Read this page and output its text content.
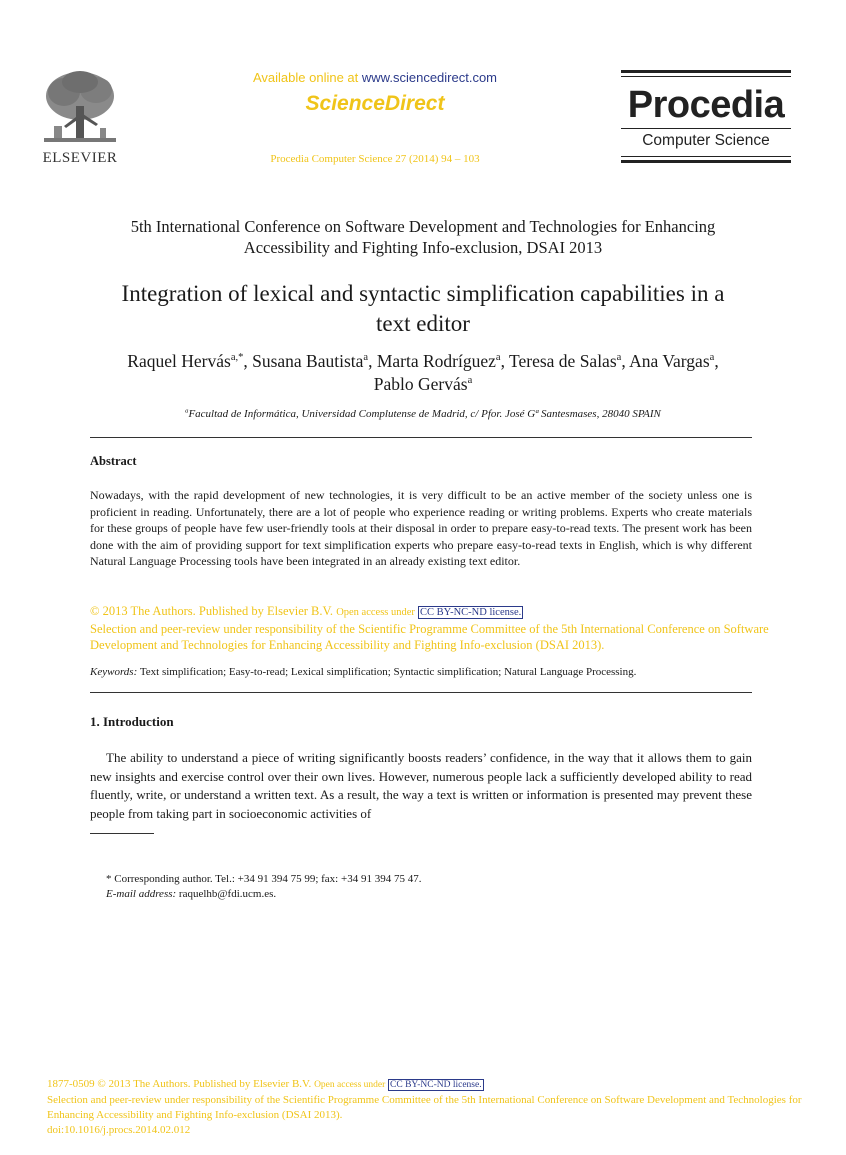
ELSEVIER
Available online at www.sciencedirect.com
ScienceDirect
Procedia Computer Science 27 (2014) 94 – 103
Procedia
Computer Science
5th International Conference on Software Development and Technologies for Enhancing
Accessibility and Fighting Info-exclusion, DSAI 2013
Integration of lexical and syntactic simplification capabilities in a
text editor
Raquel Hervás$^{a,*}$, Susana Bautista$^a$, Marta Rodríguez$^a$, Teresa de Salas$^a$, Ana Vargas$^a$,
Pablo Gervás$^a$
$^a$Facultad de Informática, Universidad Complutense de Madrid, c/ Pfor. José Gª Santesmases, 28040 SPAIN
Abstract
Nowadays, with the rapid development of new technologies, it is very difficult to be an active member of the society unless one is proficient in reading. Unfortunately, there are a lot of people who experience reading or writing problems. Experts who create materials for these groups of people have few user-friendly tools at their disposal in order to prepare easy-to-read texts. The present work has been done with the aim of providing support for text simplification experts who prepare easy-to-read texts in English, which is why different Natural Language Processing tools have been integrated in an already existing text editor.
© 2013 The Authors. Published by Elsevier B.V. Open access under CC BY-NC-ND license.
Selection and peer-review under responsibility of the Scientific Programme Committee of the 5th International Conference on Software Development and Technologies for Enhancing Accessibility and Fighting Info-exclusion (DSAI 2013).
Keywords: Text simplification; Easy-to-read; Lexical simplification; Syntactic simplification; Natural Language Processing.
1. Introduction
The ability to understand a piece of writing significantly boosts readers’ confidence, in the way that it allows them to gain new insights and exercise control over their own lives. However, numerous people lack a sufficiently developed ability to read fluently, write, or understand a written text. As a result, the way a text is written or information is presented may prevent these people from taking part in socioeconomic activities of
* Corresponding author. Tel.: +34 91 394 75 99; fax: +34 91 394 75 47.
E-mail address: raquelhb@fdi.ucm.es.
1877-0509 © 2013 The Authors. Published by Elsevier B.V. Open access under CC BY-NC-ND license.
Selection and peer-review under responsibility of the Scientific Programme Committee of the 5th International Conference on Software Development and Technologies for Enhancing Accessibility and Fighting Info-exclusion (DSAI 2013).
doi:10.1016/j.procs.2014.02.012
